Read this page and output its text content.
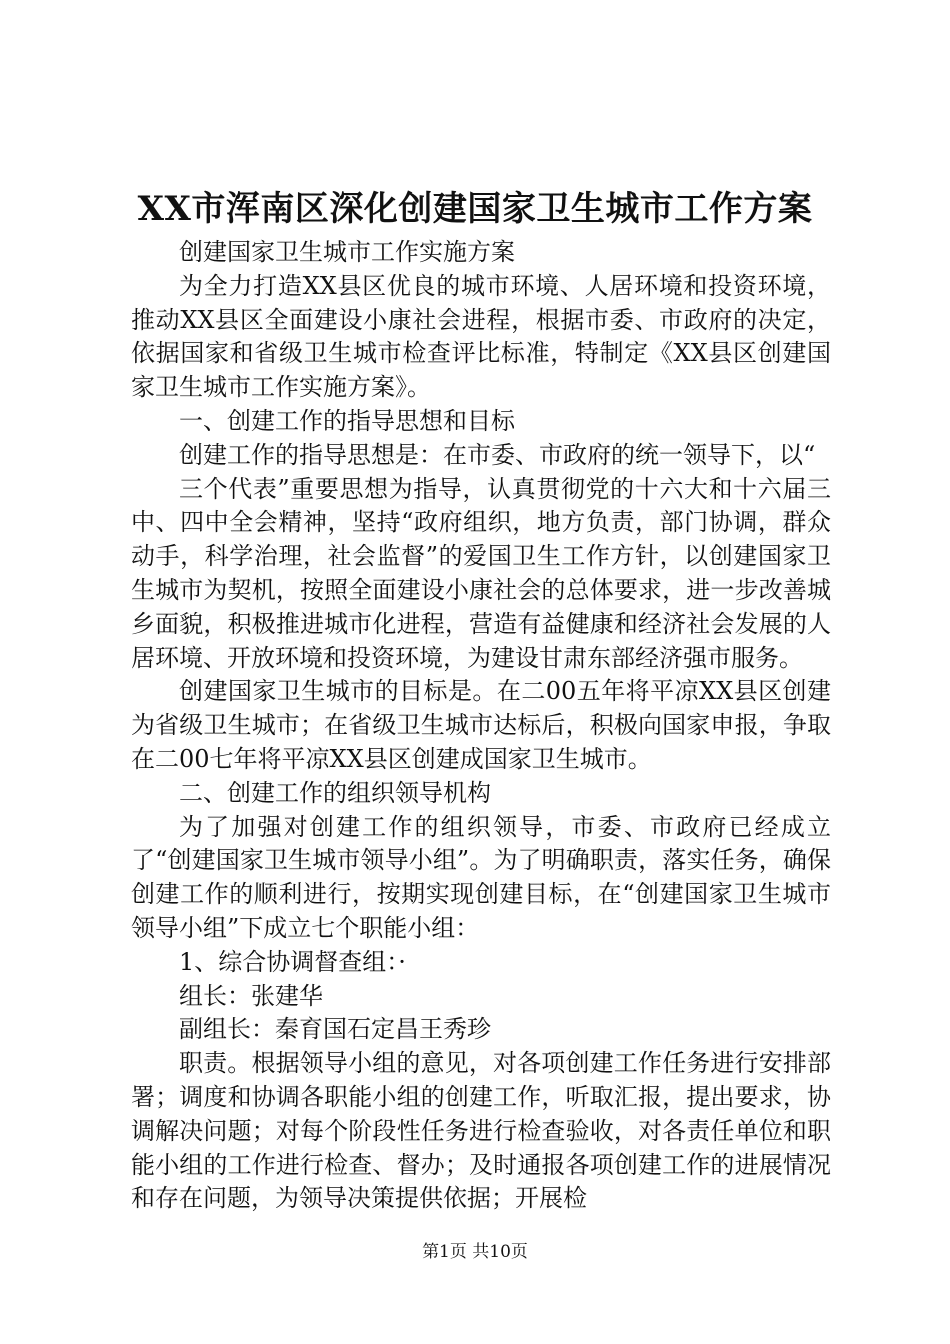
XX市浑南区深化创建国家卫生城市工作方案

创建国家卫生城市工作实施方案

为全力打造XX县区优良的城市环境、人居环境和投资环境，推动XX县区全面建设小康社会进程，根据市委、市政府的决定，依据国家和省级卫生城市检查评比标准，特制定《XX县区创建国家卫生城市工作实施方案》。

一、创建工作的指导思想和目标

创建工作的指导思想是：在市委、市政府的统一领导下，以“

三个代表”重要思想为指导，认真贯彻党的十六大和十六届三中、四中全会精神，坚持“政府组织，地方负责，部门协调，群众动手，科学治理，社会监督”的爱国卫生工作方针，以创建国家卫生城市为契机，按照全面建设小康社会的总体要求，进一步改善城乡面貌，积极推进城市化进程，营造有益健康和经济社会发展的人居环境、开放环境和投资环境，为建设甘肃东部经济强市服务。

创建国家卫生城市的目标是。在二00五年将平凉XX县区创建为省级卫生城市；在省级卫生城市达标后，积极向国家申报，争取在二00七年将平凉XX县区创建成国家卫生城市。

二、创建工作的组织领导机构

为了加强对创建工作的组织领导，市委、市政府已经成立了“创建国家卫生城市领导小组”。为了明确职责，落实任务，确保创建工作的顺利进行，按期实现创建目标，在“创建国家卫生城市领导小组”下成立七个职能小组：

1、综合协调督查组：·

组长：张建华

副组长：秦育国石定昌王秀珍

职责。根据领导小组的意见，对各项创建工作任务进行安排部署；调度和协调各职能小组的创建工作，听取汇报，提出要求，协调解决问题；对每个阶段性任务进行检查验收，对各责任单位和职能小组的工作进行检查、督办；及时通报各项创建工作的进展情况和存在问题，为领导决策提供依据；开展检

第1页 共10页
